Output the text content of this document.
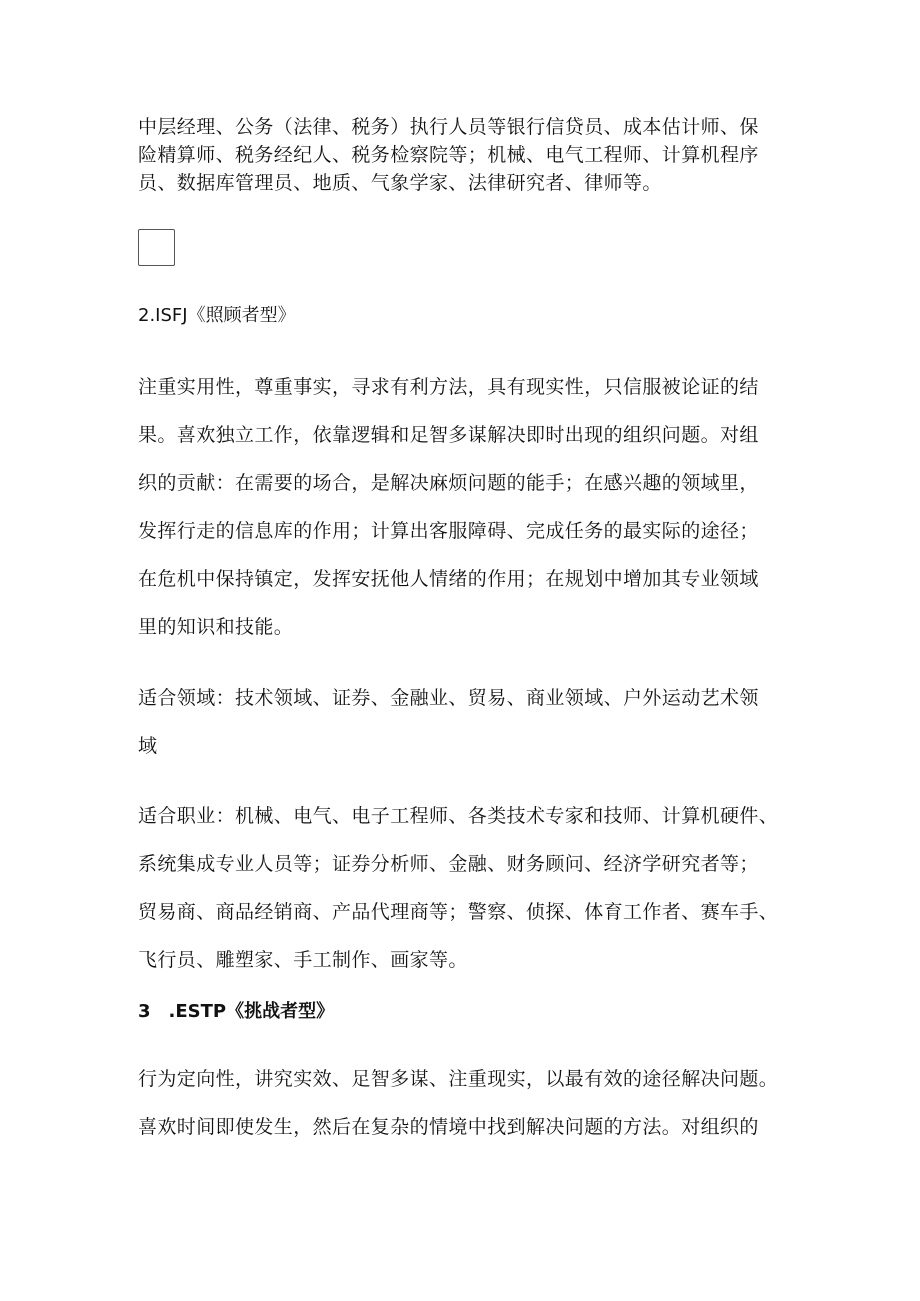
中层经理、公务（法律、税务）执行人员等银行信贷员、成本估计师、保
险精算师、税务经纪人、税务检察院等；机械、电气工程师、计算机程序
员、数据库管理员、地质、气象学家、法律研究者、律师等。
2.ISFJ《照顾者型》
注重实用性，尊重事实，寻求有利方法，具有现实性，只信服被论证的结
果。喜欢独立工作，依靠逻辑和足智多谋解决即时出现的组织问题。对组
织的贡献：在需要的场合，是解决麻烦问题的能手；在感兴趣的领域里，
发挥行走的信息库的作用；计算出客服障碍、完成任务的最实际的途径；
在危机中保持镇定，发挥安抚他人情绪的作用；在规划中增加其专业领域
里的知识和技能。
适合领域：技术领域、证券、金融业、贸易、商业领域、户外运动艺术领
域
适合职业：机械、电气、电子工程师、各类技术专家和技师、计算机硬件、
系统集成专业人员等；证券分析师、金融、财务顾问、经济学研究者等；
贸易商、商品经销商、产品代理商等；警察、侦探、体育工作者、赛车手、
飞行员、雕塑家、手工制作、画家等。
3　.ESTP《挑战者型》
行为定向性，讲究实效、足智多谋、注重现实，以最有效的途径解决问题。
喜欢时间即使发生，然后在复杂的情境中找到解决问题的方法。对组织的
